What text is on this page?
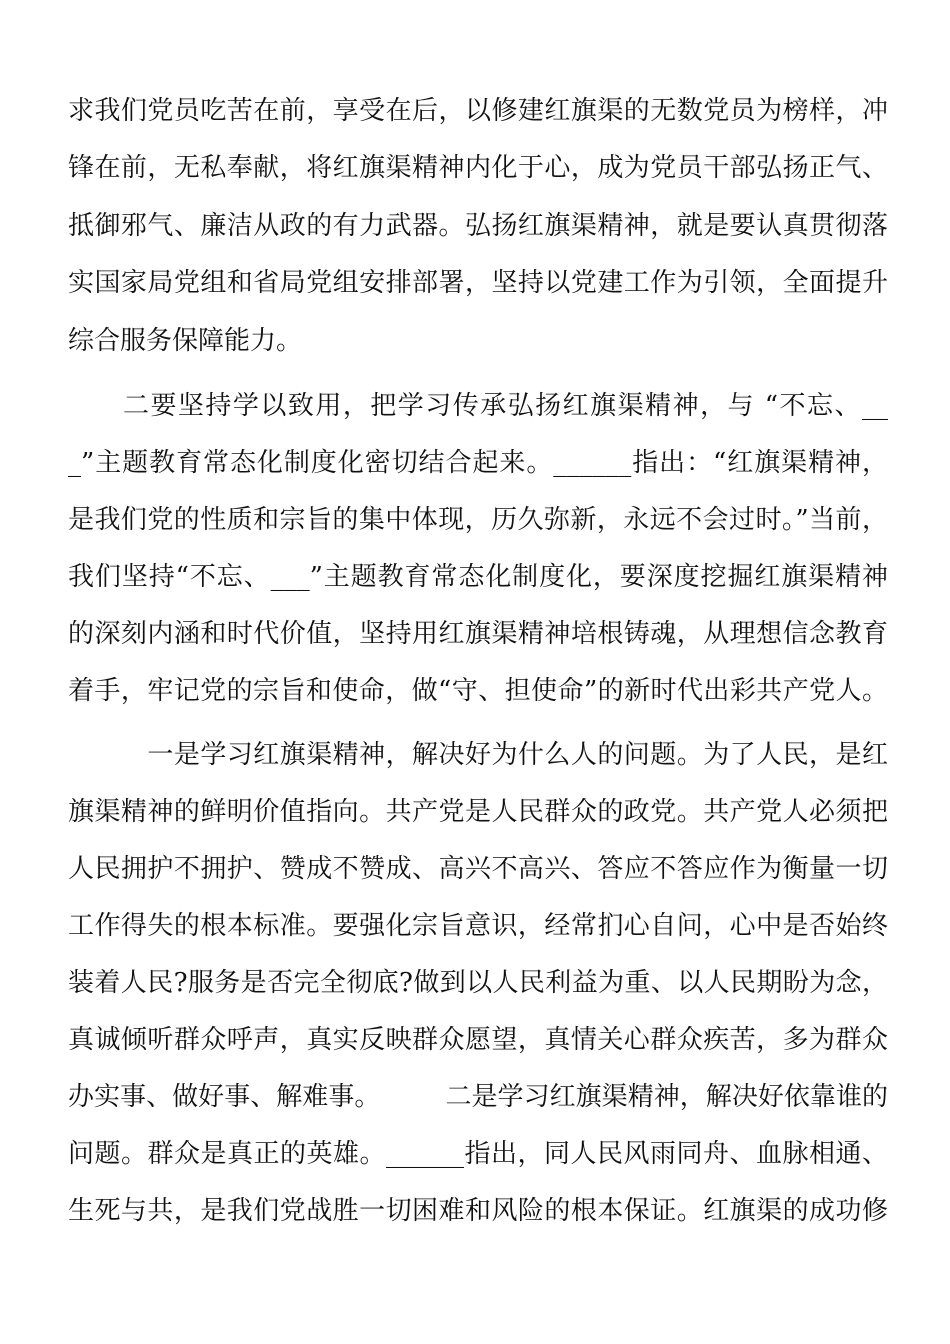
求我们党员吃苦在前，享受在后，以修建红旗渠的无数党员为榜样，冲
锋在前，无私奉献，将红旗渠精神内化于心，成为党员干部弘扬正气、
抵御邪气、廉洁从政的有力武器。弘扬红旗渠精神，就是要认真贯彻落
实国家局党组和省局党组安排部署，坚持以党建工作为引领，全面提升
综合服务保障能力。
　　二要坚持学以致用，把学习传承弘扬红旗渠精神，与 “不忘、__
_”主题教育常态化制度化密切结合起来。______指出：“红旗渠精神，
是我们党的性质和宗旨的集中体现，历久弥新，永远不会过时。”当前，
我们坚持“不忘、___”主题教育常态化制度化，要深度挖掘红旗渠精神
的深刻内涵和时代价值，坚持用红旗渠精神培根铸魂，从理想信念教育
着手，牢记党的宗旨和使命，做“守、担使命”的新时代出彩共产党人。
　　　一是学习红旗渠精神，解决好为什么人的问题。为了人民，是红
旗渠精神的鲜明价值指向。共产党是人民群众的政党。共产党人必须把
人民拥护不拥护、赞成不赞成、高兴不高兴、答应不答应作为衡量一切
工作得失的根本标准。要强化宗旨意识，经常扪心自问，心中是否始终
装着人民?服务是否完全彻底?做到以人民利益为重、以人民期盼为念，
真诚倾听群众呼声，真实反映群众愿望，真情关心群众疾苦，多为群众
办实事、做好事、解难事。　　　二是学习红旗渠精神，解决好依靠谁的
问题。群众是真正的英雄。______指出，同人民风雨同舟、血脉相通、
生死与共，是我们党战胜一切困难和风险的根本保证。红旗渠的成功修
